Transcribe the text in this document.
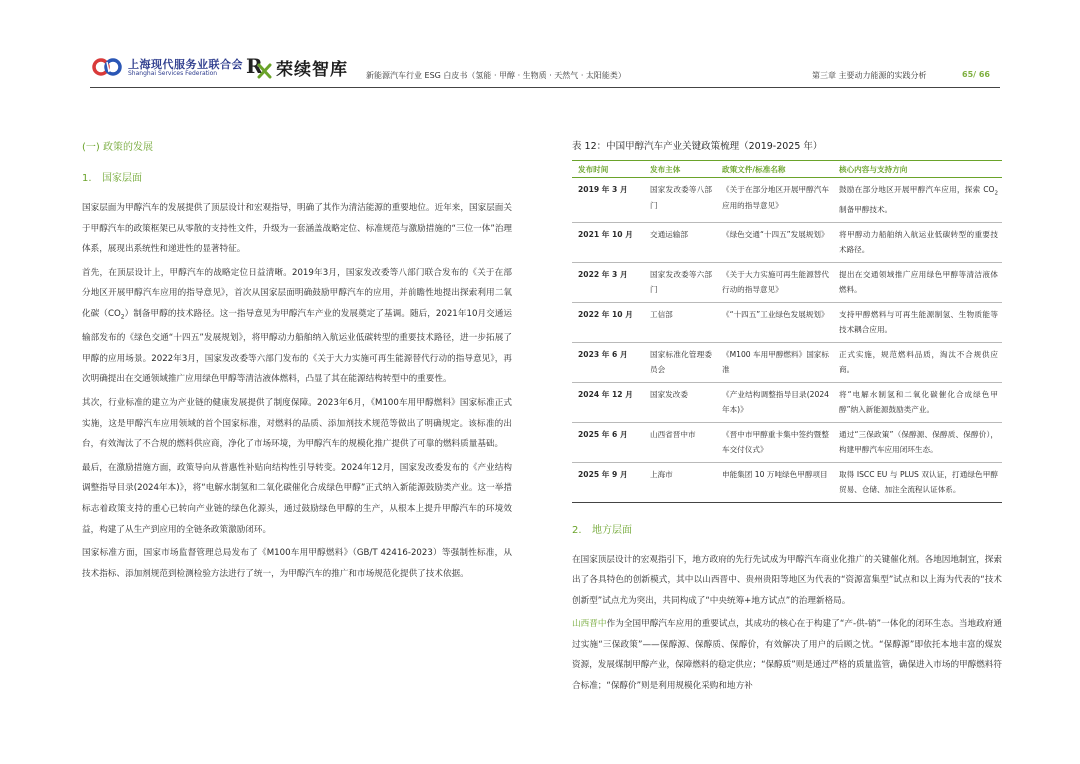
上海现代服务业联合会
Shanghai Services Federation R 荣续智库 新能源汽车行业 ESG 白皮书（氢能 · 甲醇 · 生物质 · 天然气 · 太阳能类）	第三章 主要动力能源的实践分析	65/ 66
(一) 政策的发展
1. 国家层面

国家层面为甲醇汽车的发展提供了顶层设计和宏观指导，明确了其作为清洁能源的重要地位。近年来，国家层面关于甲醇汽车的政策框架已从零散的支持性文件，升级为一套涵盖战略定位、标准规范与激励措施的“三位一体”治理体系，展现出系统性和递进性的显著特征。

首先，在顶层设计上，甲醇汽车的战略定位日益清晰。2019年3月，国家发改委等八部门联合发布的《关于在部分地区开展甲醇汽车应用的指导意见》，首次从国家层面明确鼓励甲醇汽车的应用，并前瞻性地提出探索利用二氧化碳$(CO_2)$制备甲醇的技术路径。这一指导意见为甲醇汽车产业的发展奠定了基调。随后，2021年10月交通运输部发布的《绿色交通“十四五”发展规划》，将甲醇动力船舶纳入航运业低碳转型的重要技术路径，进一步拓展了甲醇的应用场景。2022年3月，国家发改委等六部门发布的《关于大力实施可再生能源替代行动的指导意见》，再次明确提出在交通领域推广应用绿色甲醇等清洁液体燃料，凸显了其在能源结构转型中的重要性。

其次，行业标准的建立为产业链的健康发展提供了制度保障。2023年6月，《M100车用甲醇燃料》国家标准正式实施，这是甲醇汽车应用领域的首个国家标准，对燃料的品质、添加剂技术规范等做出了明确规定。该标准的出台，有效淘汰了不合规的燃料供应商，净化了市场环境，为甲醇汽车的规模化推广提供了可靠的燃料质量基础。

最后，在激励措施方面，政策导向从普惠性补贴向结构性引导转变。2024年12月，国家发改委发布的《产业结构调整指导目录(2024年本)》，将“电解水制氢和二氧化碳催化合成绿色甲醇”正式纳入新能源鼓励类产业。这一举措标志着政策支持的重心已转向产业链的绿色化源头，通过鼓励绿色甲醇的生产，从根本上提升甲醇汽车的环境效益，构建了从生产到应用的全链条政策激励闭环。

国家标准方面，国家市场监督管理总局发布了《M100车用甲醇燃料》（GB/T 42416-2023）等强制性标准，从技术指标、添加剂规范到检测检验方法进行了统一，为甲醇汽车的推广和市场规范化提供了技术依据。

表 12：中国甲醇汽车产业关键政策梳理（2019-2025 年）
发布时间	发布主体	政策文件/标准名称	核心内容与支持方向
2019 年 3 月	国家发改委等八部门	《关于在部分地区开展甲醇汽车应用的指导意见》	鼓励在部分地区开展甲醇汽车应用，探索 $CO_2$制备甲醇技术。
2021 年 10 月	交通运输部	《绿色交通“十四五”发展规划》	将甲醇动力船舶纳入航运业低碳转型的重要技术路径。
2022 年 3 月	国家发改委等六部门	《关于大力实施可再生能源替代行动的指导意见》	提出在交通领域推广应用绿色甲醇等清洁液体燃料。
2022 年 10 月	工信部	《“十四五”工业绿色发展规划》	支持甲醇燃料与可再生能源制氢、生物质能等技术耦合应用。
2023 年 6 月	国家标准化管理委员会	《M100 车用甲醇燃料》国家标准	正式实施，规范燃料品质，淘汰不合规供应商。
2024 年 12 月	国家发改委	《产业结构调整指导目录(2024 年本)》	将“电解水制氢和二氧化碳催化合成绿色甲醇”纳入新能源鼓励类产业。
2025 年 6 月	山西省晋中市	《晋中市甲醇重卡集中签约暨整车交付仪式》	通过“三保政策”（保醇源、保醇质、保醇价），构建甲醇汽车应用闭环生态。
2025 年 9 月	上海市	申能集团 10 万吨绿色甲醇项目	取得 ISCC EU 与 PLUS 双认证，打通绿色甲醇贸易、仓储、加注全流程认证体系。
2. 地方层面

在国家顶层设计的宏观指引下，地方政府的先行先试成为甲醇汽车商业化推广的关键催化剂。各地因地制宜，探索出了各具特色的创新模式，其中以山西晋中、贵州贵阳等地区为代表的“资源富集型”试点和以上海为代表的“技术创新型”试点尤为突出，共同构成了“中央统筹+地方试点”的治理新格局。

山西晋中作为全国甲醇汽车应用的重要试点，其成功的核心在于构建了“产-供-销”一体化的闭环生态。当地政府通过实施“三保政策”——保醇源、保醇质、保醇价，有效解决了用户的后顾之忧。“保醇源”即依托本地丰富的煤炭资源，发展煤制甲醇产业，保障燃料的稳定供应；“保醇质”则是通过严格的质量监管，确保进入市场的甲醇燃料符合标准；“保醇价”则是利用规模化采购和地方补
